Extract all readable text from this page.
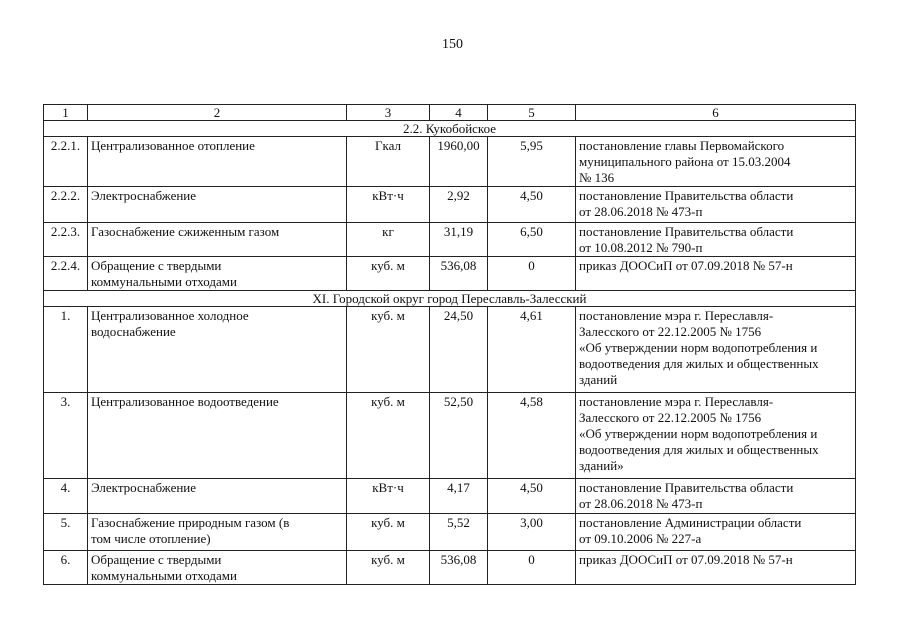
150
1	2	3	4	5	6
2.2. Кукобойское					
2.2.1.	Централизованное отопление	Гкал	1960,00	5,95	постановление главы Первомайского
муниципального района от 15.03.2004
№ 136
2.2.2.	Электроснабжение	кВт·ч	2,92	4,50	постановление Правительства области
от 28.06.2018 № 473-п
2.2.3.	Газоснабжение сжиженным газом	кг	31,19	6,50	постановление Правительства области
от 10.08.2012 № 790-п
2.2.4.	Обращение с твердыми
коммунальными отходами	куб. м	536,08	0	приказ ДООСиП от 07.09.2018 № 57-н
XI. Городской округ город Переславль-Залесский					
1.	Централизованное холодное
водоснабжение	куб. м	24,50	4,61	постановление мэра г. Переславля-
Залесского от 22.12.2005 № 1756
«Об утверждении норм водопотребления и
водоотведения для жилых и общественных
зданий
3.	Централизованное водоотведение	куб. м	52,50	4,58	постановление мэра г. Переславля-
Залесского от 22.12.2005 № 1756
«Об утверждении норм водопотребления и
водоотведения для жилых и общественных
зданий»
4.	Электроснабжение	кВт·ч	4,17	4,50	постановление Правительства области
от 28.06.2018 № 473-п
5.	Газоснабжение природным газом (в
том числе отопление)	куб. м	5,52	3,00	постановление Администрации области
от 09.10.2006 № 227-а
6.	Обращение с твердыми
коммунальными отходами	куб. м	536,08	0	приказ ДООСиП от 07.09.2018 № 57-н
